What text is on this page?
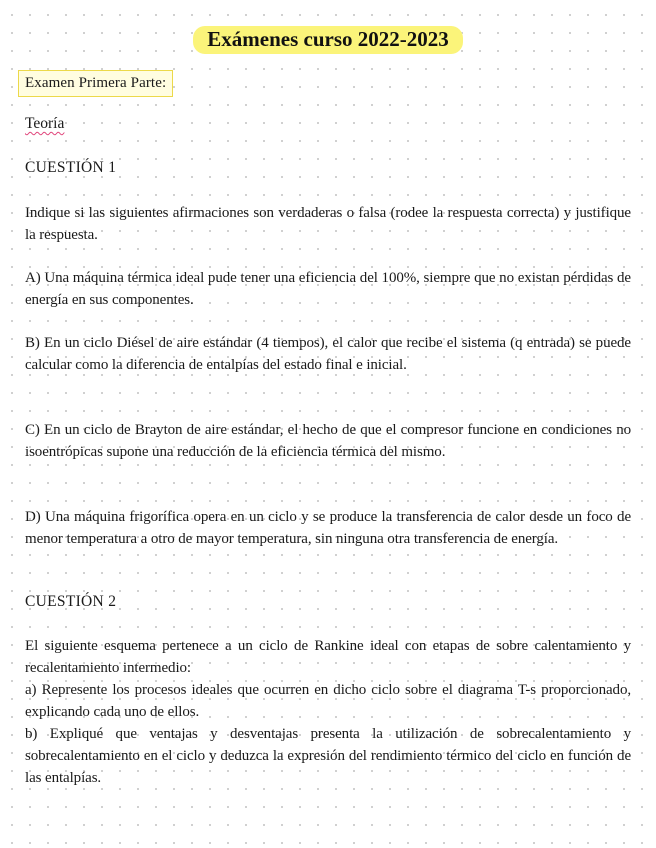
Exámenes curso 2022-2023
Examen Primera Parte:
Teoría
CUESTIÓN 1
Indique si las siguientes afirmaciones son verdaderas o falsa (rodee la respuesta correcta) y justifique la respuesta.
A) Una máquina térmica ideal pude tener una eficiencia del 100%, siempre que no existan pérdidas de energía en sus componentes.
B) En un ciclo Diésel de aire estándar (4 tiempos), el calor que recibe el sistema (q entrada) se puede calcular como la diferencia de entalpías del estado final e inicial.
C) En un ciclo de Brayton de aire estándar, el hecho de que el compresor funcione en condiciones no isoentrópicas supone una reducción de la eficiencia térmica del mismo.
D) Una máquina frigorífica opera en un ciclo y se produce la transferencia de calor desde un foco de menor temperatura a otro de mayor temperatura, sin ninguna otra transferencia de energía.
CUESTIÓN 2
El siguiente esquema pertenece a un ciclo de Rankine ideal con etapas de sobre calentamiento y recalentamiento intermedio:
a) Represente los procesos ideales que ocurren en dicho ciclo sobre el diagrama T-s proporcionado, explicando cada uno de ellos.
b) Expliqué que ventajas y desventajas presenta la utilización de sobrecalentamiento y sobrecalentamiento en el ciclo y deduzca la expresión del rendimiento térmico del ciclo en función de las entalpías.
